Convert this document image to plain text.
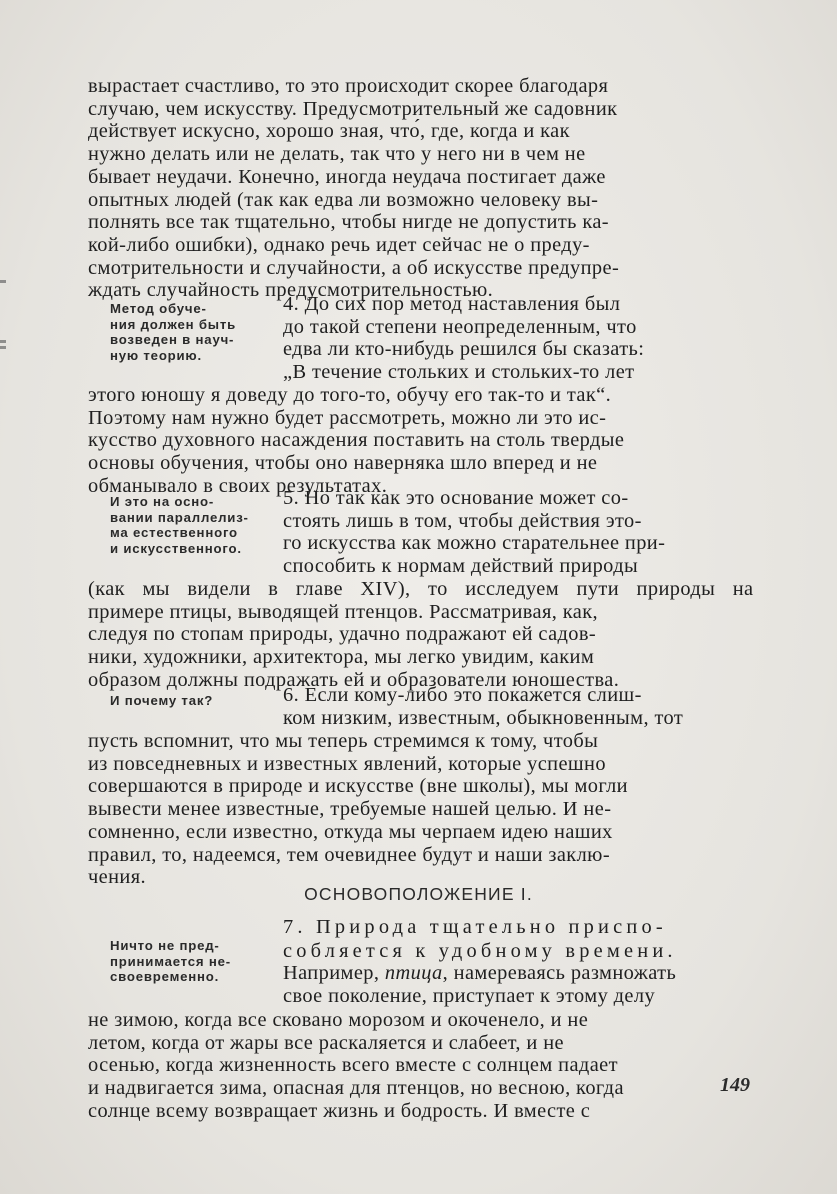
вырастает счастливо, то это происходит скорее благодаря
случаю, чем искусству. Предусмотрительный же садовник
действует искусно, хорошо зная, что́, где, когда и как
нужно делать или не делать, так что у него ни в чем не
бывает неудачи. Конечно, иногда неудача постигает даже
опытных людей (так как едва ли возможно человеку вы-
полнять все так тщательно, чтобы нигде не допустить ка-
кой-либо ошибки), однако речь идет сейчас не о преду-
смотрительности и случайности, а об искусстве предупре-
ждать случайность предусмотрительностью.
Метод обуче-
ния должен быть
возведен в науч-
ную теорию.
4. До сих пор метод наставления был
до такой степени неопределенным, что
едва ли кто-нибудь решился бы сказать:
„В течение стольких и стольких-то лет
этого юношу я доведу до того-то, обучу его так-то и так“.
Поэтому нам нужно будет рассмотреть, можно ли это ис-
кусство духовного насаждения поставить на столь твердые
основы обучения, чтобы оно наверняка шло вперед и не
обманывало в своих результатах.
И это на осно-
вании параллелиз-
ма естественного
и искусственного.
5. Но так как это основание может со-
стоять лишь в том, чтобы действия это-
го искусства как можно старательнее при-
способить к нормам действий природы
(как мы видели в главе XIV), то исследуем пути природы на
примере птицы, выводящей птенцов. Рассматривая, как,
следуя по стопам природы, удачно подражают ей садов-
ники, художники, архитектора, мы легко увидим, каким
образом должны подражать ей и образователи юношества.
И почему так?	6. Если кому-либо это покажется слиш-
ком низким, известным, обыкновенным, тот
пусть вспомнит, что мы теперь стремимся к тому, чтобы
из повседневных и известных явлений, которые успешно
совершаются в природе и искусстве (вне школы), мы могли
вывести менее известные, требуемые нашей целью. И не-
сомненно, если известно, откуда мы черпаем идею наших
правил, то, надеемся, тем очевиднее будут и наши заклю-
чения.
ОСНОВОПОЛОЖЕНИЕ I.
Ничто не пред-
принимается не-
своевременно.
7. Природа тщательно приспо-
собляется к удобному времени.
Например, птица, намереваясь размножать
свое поколение, приступает к этому делу
не зимою, когда все сковано морозом и окоченело, и не
летом, когда от жары все раскаляется и слабеет, и не
осенью, когда жизненность всего вместе с солнцем падает
и надвигается зима, опасная для птенцов, но весною, когда
солнце всему возвращает жизнь и бодрость. И вместе с
149
